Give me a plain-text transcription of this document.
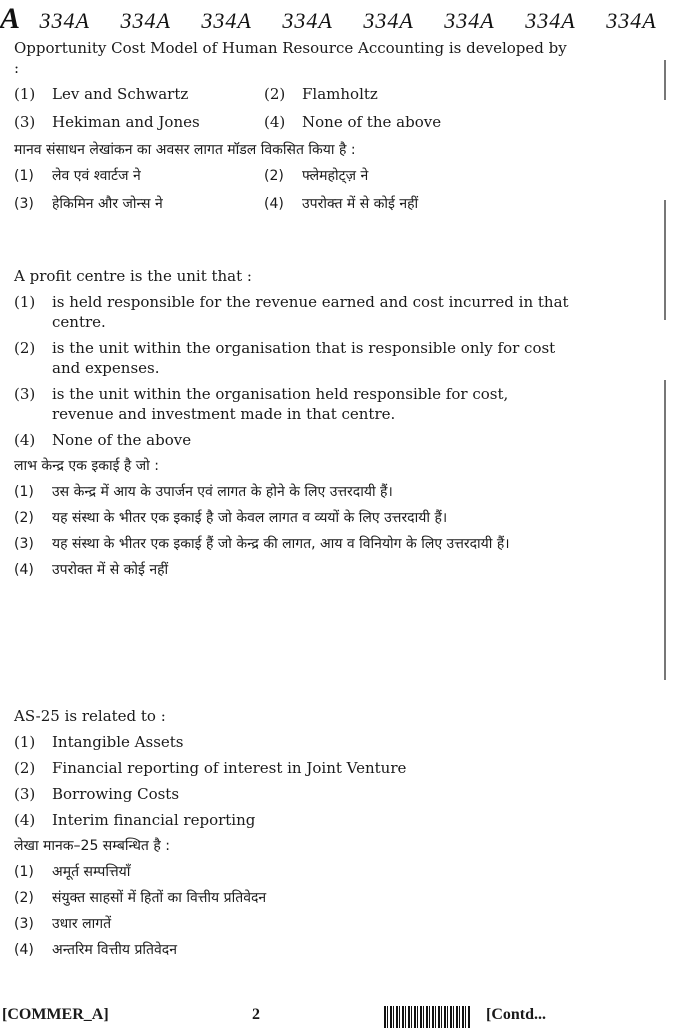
A 334A 334A 334A 334A 334A 334A 334A 334A
Opportunity Cost Model of Human Resource Accounting is developed by :
(1)	Lev and Schwartz	(2)	Flamholtz
(3)	Hekiman and Jones	(4)	None of the above
मानव संसाधन लेखांकन का अवसर लागत मॉडल विकसित किया है :
(1)	लेव एवं श्वार्टज ने	(2)	फ्लेमहोट्ज़ ने
(3)	हेकिमिन और जोन्स ने	(4)	उपरोक्त में से कोई नहीं
A profit centre is the unit that :
(1)	is held responsible for the revenue earned and cost incurred in that centre.
(2)	is the unit within the organisation that is responsible only for cost and expenses.
(3)	is the unit within the organisation held responsible for cost, revenue and investment made in that centre.
(4)	None of the above
लाभ केन्द्र एक इकाई है जो :
(1)	उस केन्द्र में आय के उपार्जन एवं लागत के होने के लिए उत्तरदायी हैं।
(2)	यह संस्था के भीतर एक इकाई है जो केवल लागत व व्ययों के लिए उत्तरदायी हैं।
(3)	यह संस्था के भीतर एक इकाई हैं जो केन्द्र की लागत, आय व विनियोग के लिए उत्तरदायी हैं।
(4)	उपरोक्त में से कोई नहीं
AS-25 is related to :
(1)	Intangible Assets
(2)	Financial reporting of interest in Joint Venture
(3)	Borrowing Costs
(4)	Interim financial reporting
लेखा मानक–25 सम्बन्धित है :
(1)	अमूर्त सम्पत्तियाँ
(2)	संयुक्त साहसों में हितों का वित्तीय प्रतिवेदन
(3)	उधार लागतें
(4)	अन्तरिम वित्तीय प्रतिवेदन
[COMMER_A]	2	[Contd...
